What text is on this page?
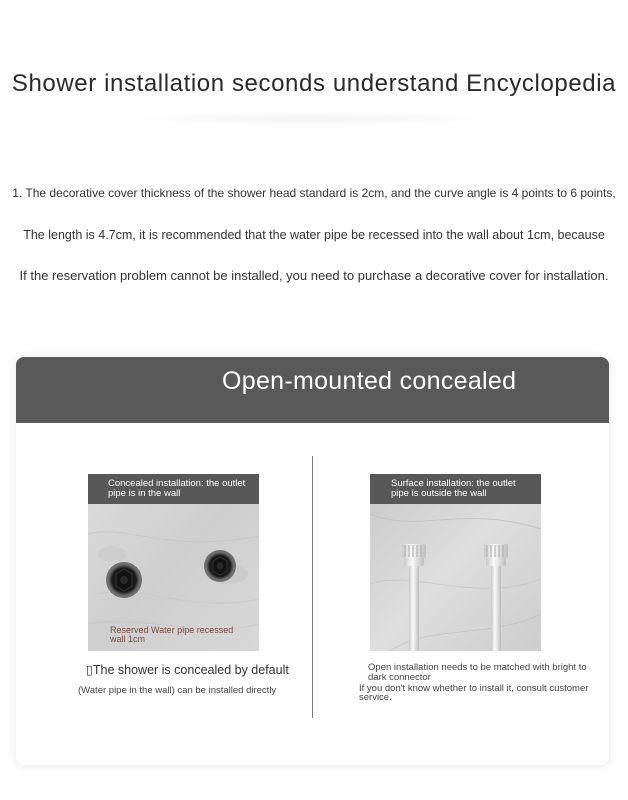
Shower installation seconds understand Encyclopedia
1. The decorative cover thickness of the shower head standard is 2cm, and the curve angle is 4 points to 6 points,
The length is 4.7cm, it is recommended that the water pipe be recessed into the wall about 1cm, because
If the reservation problem cannot be installed, you need to purchase a decorative cover for installation.
Open-mounted concealed
Concealed installation: the outlet pipe is in the wall
Reserved Water pipe recessed wall 1cm
▯The shower is concealed by default
(Water pipe in the wall) can be installed directly
Surface installation: the outlet pipe is outside the wall
Open installation needs to be matched with bright to dark connector
If you don't know whether to install it, consult customer service.
